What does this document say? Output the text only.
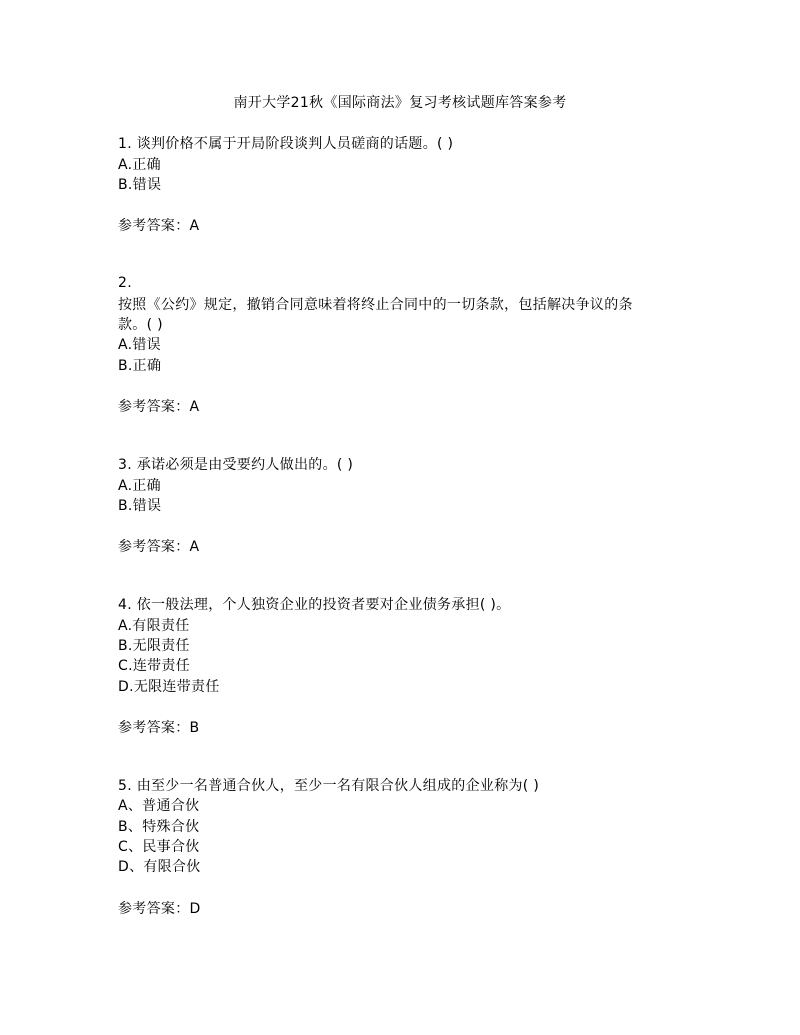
南开大学21秋《国际商法》复习考核试题库答案参考
1. 谈判价格不属于开局阶段谈判人员磋商的话题。( )
A.正确
B.错误
参考答案：A
2.
按照《公约》规定，撤销合同意味着将终止合同中的一切条款，包括解决争议的条
款。( )
A.错误
B.正确
参考答案：A
3. 承诺必须是由受要约人做出的。( )
A.正确
B.错误
参考答案：A
4. 依一般法理，个人独资企业的投资者要对企业债务承担( )。
A.有限责任
B.无限责任
C.连带责任
D.无限连带责任
参考答案：B
5. 由至少一名普通合伙人，至少一名有限合伙人组成的企业称为( )
A、普通合伙
B、特殊合伙
C、民事合伙
D、有限合伙
参考答案：D
